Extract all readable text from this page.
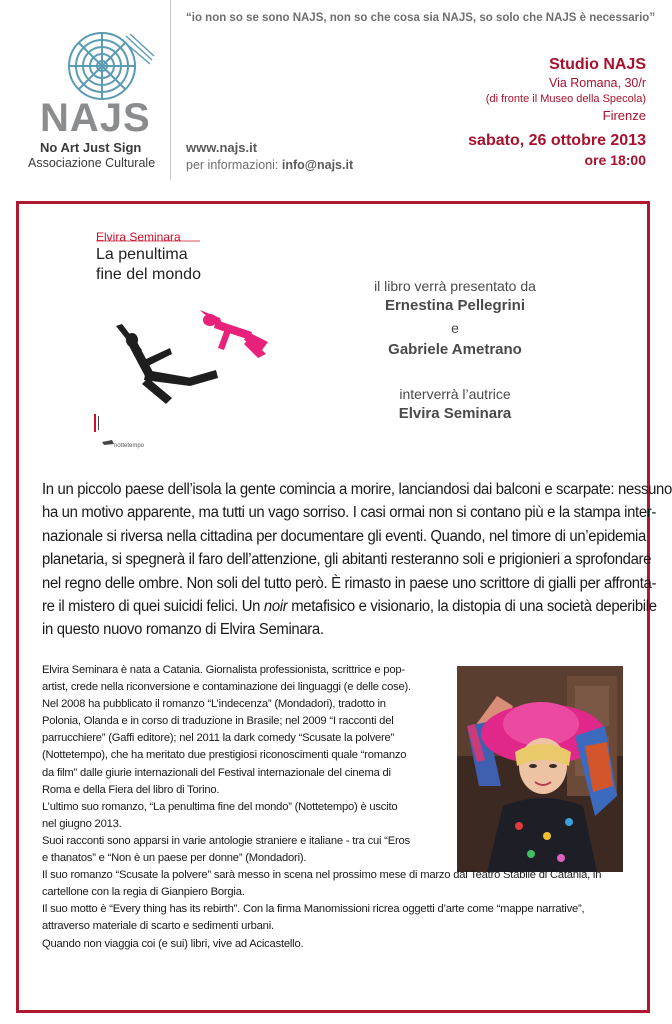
NAJS
No Art Just Sign
Associazione Culturale
“io non so se sono NAJS, non so che cosa sia NAJS, so solo che NAJS è necessario”
www.najs.it
per informazioni: info@najs.it
Studio NAJS
Via Romana, 30/r
(di fronte il Museo della Specola)
Firenze
sabato, 26 ottobre 2013
ore 18:00
Elvira Seminara
La penultima
fine del mondo
nottetempo
il libro verrà presentato da
Ernestina Pellegrini
e
Gabriele Ametrano
interverrà l’autrice
Elvira Seminara
In un piccolo paese dell’isola la gente comincia a morire, lanciandosi dai balconi e scarpate: nessuno
ha un motivo apparente, ma tutti un vago sorriso. I casi ormai non si contano più e la stampa inter-
nazionale si riversa nella cittadina per documentare gli eventi. Quando, nel timore di un’epidemia
planetaria, si spegnerà il faro dell’attenzione, gli abitanti resteranno soli e prigionieri a sprofondare
nel regno delle ombre. Non soli del tutto però. È rimasto in paese uno scrittore di gialli per affronta-
re il mistero di quei suicidi felici. Un noir metafisico e visionario, la distopia di una società deperibile
in questo nuovo romanzo di Elvira Seminara.
Elvira Seminara è nata a Catania. Giornalista professionista, scrittrice e pop-
artist, crede nella riconversione e contaminazione dei linguaggi (e delle cose).
Nel 2008 ha pubblicato il romanzo “L’indecenza” (Mondadori), tradotto in
Polonia, Olanda e in corso di traduzione in Brasile; nel 2009 “I racconti del
parrucchiere” (Gaffi editore); nel 2011 la dark comedy “Scusate la polvere”
(Nottetempo), che ha meritato due prestigiosi riconoscimenti quale “romanzo
da film” dalle giurie internazionali del Festival internazionale del cinema di
Roma e della Fiera del libro di Torino.
L’ultimo suo romanzo, “La penultima fine del mondo” (Nottetempo) è uscito
nel giugno 2013.
Suoi racconti sono apparsi in varie antologie straniere e italiane - tra cui “Eros
e thanatos” e “Non è un paese per donne” (Mondadori).
Il suo romanzo “Scusate la polvere” sarà messo in scena nel prossimo mese di marzo dal Teatro Stabile di Catania, in
cartellone con la regia di Gianpiero Borgia.
Il suo motto è “Every thing has its rebirth”. Con la firma Manomissioni ricrea oggetti d’arte come “mappe narrative”,
attraverso materiale di scarto e sedimenti urbani.
Quando non viaggia coi (e sui) libri, vive ad Acicastello.
